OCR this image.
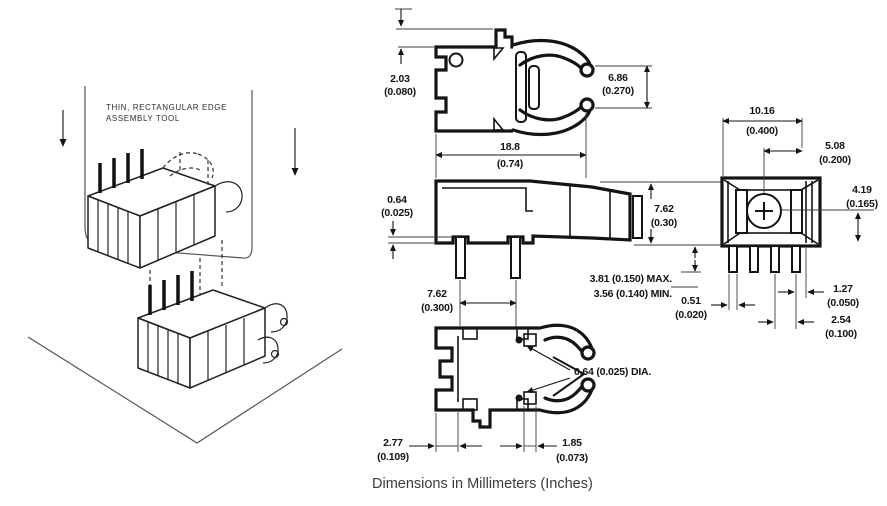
THIN, RECTANGULAR EDGE
ASSEMBLY TOOL
2.03
(0.080)
6.86
(0.270)
18.8
(0.74)
0.64
(0.025)	7.62
(0.30)
3.81 (0.150) MAX.
3.56 (0.140) MIN.
7.62
(0.300)
10.16
(0.400)
5.08
(0.200)
4.19
(0.165)
0.51
(0.020)
1.27
(0.050)
2.54
(0.100)
0.64 (0.025) DIA.
2.77
(0.109)
1.85
(0.073)
Dimensions in Millimeters (Inches)
